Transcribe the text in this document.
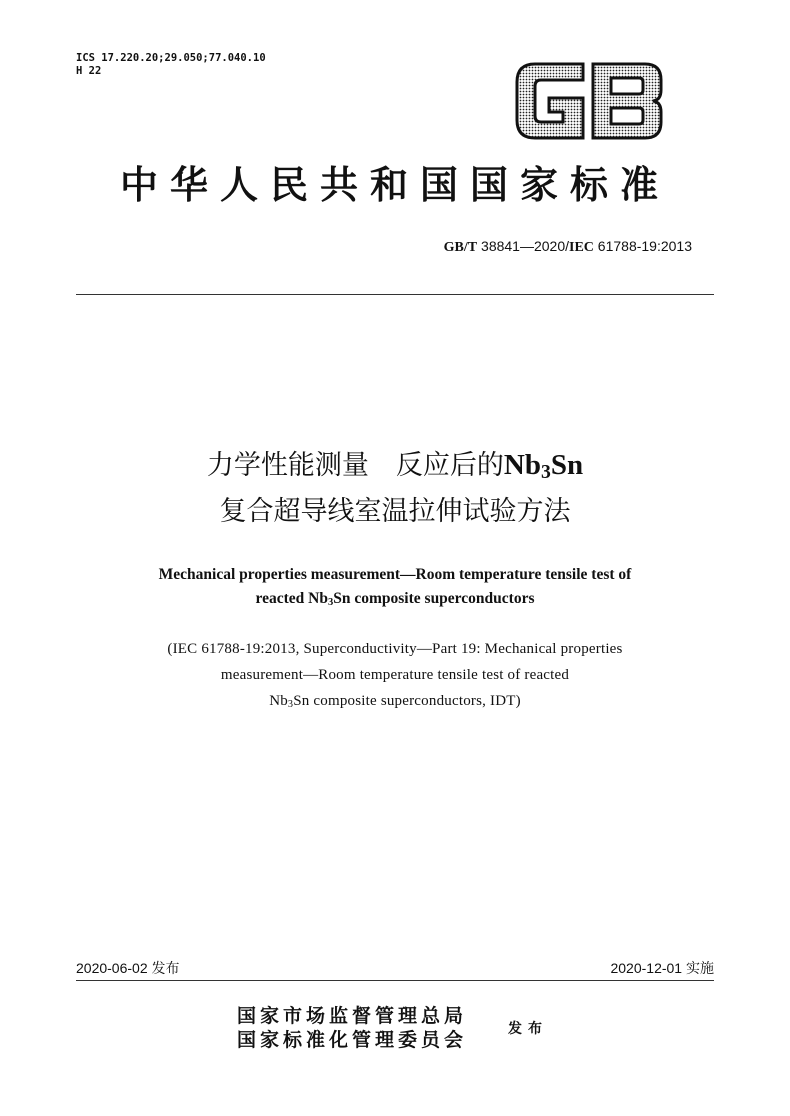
ICS 17.220.20;29.050;77.040.10
H 22
GB
中华人民共和国国家标准
GB/T 38841—2020/IEC 61788-19:2013
力学性能测量　反应后的$Nb_3Sn$
复合超导线室温拉伸试验方法
Mechanical properties measurement—Room temperature tensile test of
reacted $Nb_3Sn$ composite superconductors
(IEC 61788-19:2013, Superconductivity—Part 19: Mechanical properties
measurement—Room temperature tensile test of reacted
$Nb_3Sn$ composite superconductors, IDT)
2020-06-02 发布	2020-12-01 实施
国家市场监督管理总局
国家标准化管理委员会	发布
